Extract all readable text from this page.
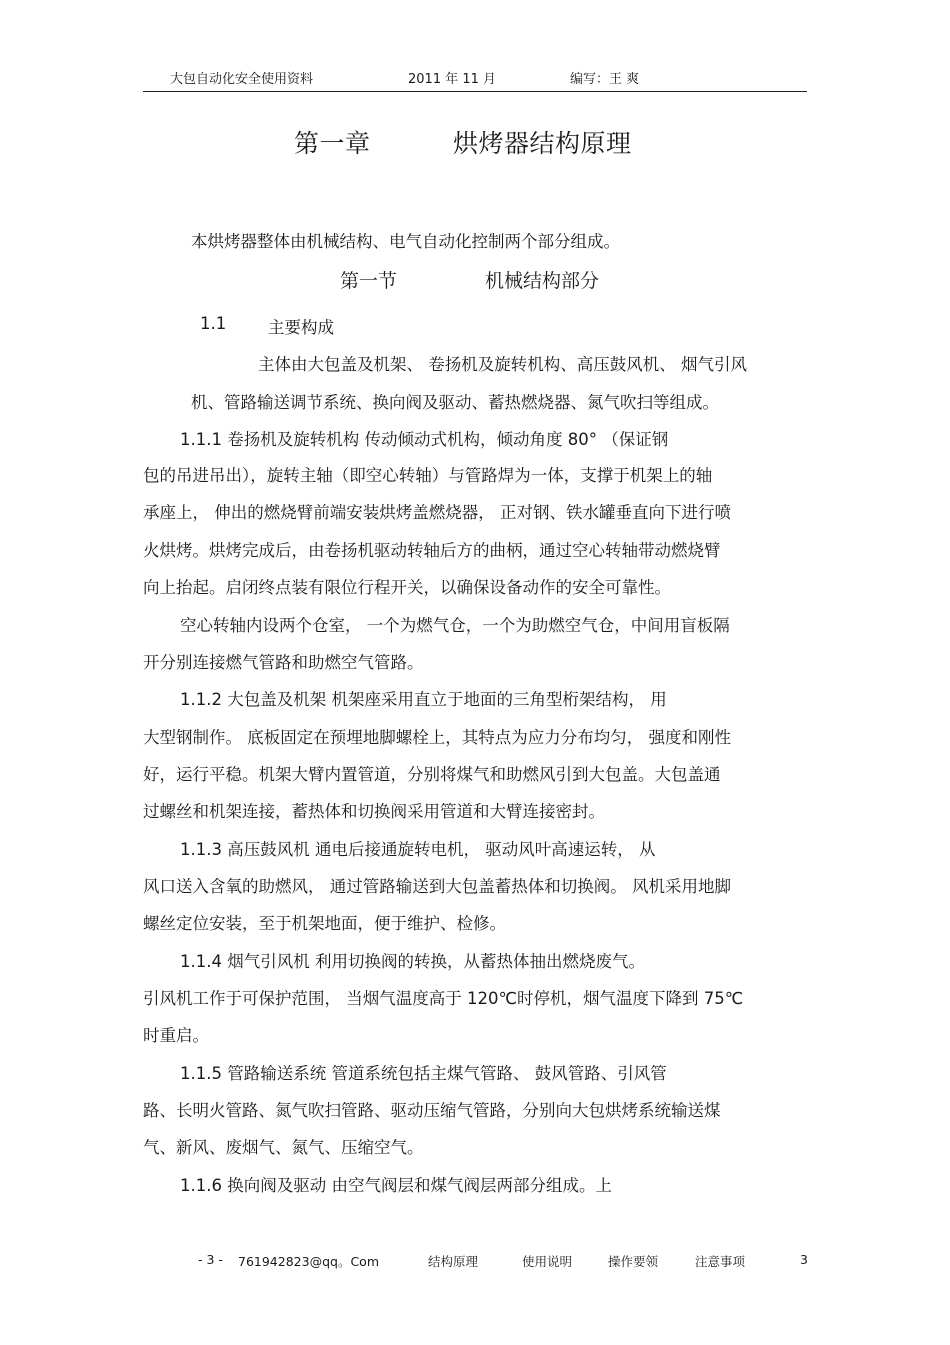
大包自动化安全使用资料	2011 年 11 月	编写：王 爽
第一章	烘烤器结构原理
本烘烤器整体由机械结构、电气自动化控制两个部分组成。
第一节	机械结构部分
1.1	主要构成
主体由大包盖及机架、 卷扬机及旋转机构、高压鼓风机、 烟气引风
机、管路输送调节系统、换向阀及驱动、蓄热燃烧器、氮气吹扫等组成。
1.1.1 卷扬机及旋转机构 传动倾动式机构，倾动角度 80° （保证钢
包的吊进吊出），旋转主轴（即空心转轴）与管路焊为一体，支撑于机架上的轴
承座上， 伸出的燃烧臂前端安装烘烤盖燃烧器， 正对钢、铁水罐垂直向下进行喷
火烘烤。烘烤完成后，由卷扬机驱动转轴后方的曲柄，通过空心转轴带动燃烧臂
向上抬起。启闭终点装有限位行程开关，以确保设备动作的安全可靠性。
空心转轴内设两个仓室， 一个为燃气仓，一个为助燃空气仓，中间用盲板隔
开分别连接燃气管路和助燃空气管路。
1.1.2 大包盖及机架 机架座采用直立于地面的三角型桁架结构， 用
大型钢制作。 底板固定在预埋地脚螺栓上，其特点为应力分布均匀， 强度和刚性
好，运行平稳。机架大臂内置管道，分别将煤气和助燃风引到大包盖。大包盖通
过螺丝和机架连接，蓄热体和切换阀采用管道和大臂连接密封。
1.1.3 高压鼓风机 通电后接通旋转电机， 驱动风叶高速运转， 从
风口送入含氧的助燃风， 通过管路输送到大包盖蓄热体和切换阀。 风机采用地脚
螺丝定位安装，至于机架地面，便于维护、检修。
1.1.4 烟气引风机 利用切换阀的转换，从蓄热体抽出燃烧废气。
引风机工作于可保护范围， 当烟气温度高于 120℃时停机，烟气温度下降到 75℃
时重启。
1.1.5 管路输送系统 管道系统包括主煤气管路、 鼓风管路、引风管
路、长明火管路、氮气吹扫管路、驱动压缩气管路，分别向大包烘烤系统输送煤
气、新风、废烟气、氮气、压缩空气。
1.1.6 换向阀及驱动 由空气阀层和煤气阀层两部分组成。上
- 3 - 761942823@qq。Com	结构原理	使用说明	操作要领	注意事项	3
